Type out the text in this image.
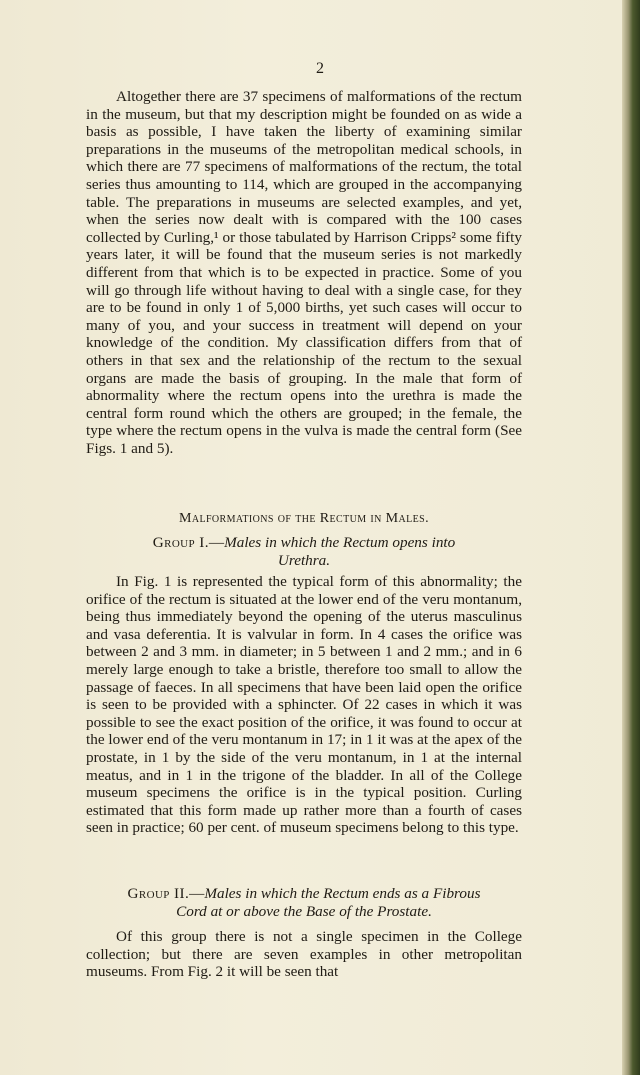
2

Altogether there are 37 specimens of malformations of the rectum in the museum, but that my description might be founded on as wide a basis as possible, I have taken the liberty of examining similar preparations in the museums of the metropolitan medical schools, in which there are 77 specimens of malformations of the rectum, the total series thus amounting to 114, which are grouped in the accompanying table. The preparations in museums are selected examples, and yet, when the series now dealt with is compared with the 100 cases collected by Curling,¹ or those tabulated by Harrison Cripps² some fifty years later, it will be found that the museum series is not markedly different from that which is to be expected in practice. Some of you will go through life without having to deal with a single case, for they are to be found in only 1 of 5,000 births, yet such cases will occur to many of you, and your success in treatment will depend on your knowledge of the condition. My classification differs from that of others in that sex and the relationship of the rectum to the sexual organs are made the basis of grouping. In the male that form of abnormality where the rectum opens into the urethra is made the central form round which the others are grouped; in the female, the type where the rectum opens in the vulva is made the central form (See Figs. 1 and 5).

Malformations of the Rectum in Males.
Group I.—Males in which the Rectum opens into
Urethra.

In Fig. 1 is represented the typical form of this abnormality; the orifice of the rectum is situated at the lower end of the veru montanum, being thus immediately beyond the opening of the uterus masculinus and vasa deferentia. It is valvular in form. In 4 cases the orifice was between 2 and 3 mm. in diameter; in 5 between 1 and 2 mm.; and in 6 merely large enough to take a bristle, therefore too small to allow the passage of faeces. In all specimens that have been laid open the orifice is seen to be provided with a sphincter. Of 22 cases in which it was possible to see the exact position of the orifice, it was found to occur at the lower end of the veru montanum in 17; in 1 it was at the apex of the prostate, in 1 by the side of the veru montanum, in 1 at the internal meatus, and in 1 in the trigone of the bladder. In all of the College museum specimens the orifice is in the typical position. Curling estimated that this form made up rather more than a fourth of cases seen in practice; 60 per cent. of museum specimens belong to this type.

Group II.—Males in which the Rectum ends as a Fibrous
Cord at or above the Base of the Prostate.

Of this group there is not a single specimen in the College collection; but there are seven examples in other metropolitan museums. From Fig. 2 it will be seen that
